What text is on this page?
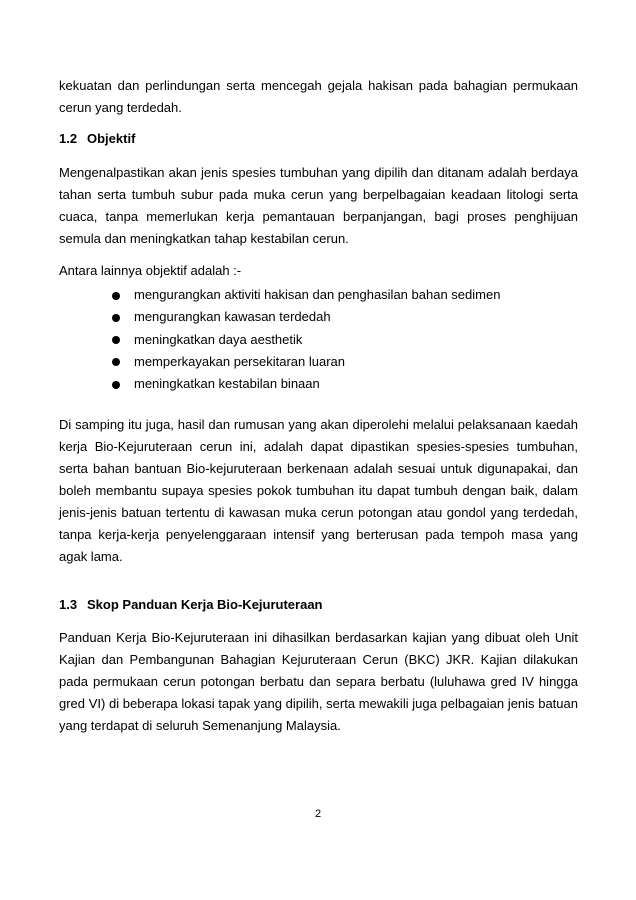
kekuatan dan perlindungan serta mencegah gejala hakisan pada bahagian permukaan cerun yang terdedah.

1.2 Objektif

Mengenalpastikan akan jenis spesies tumbuhan yang dipilih dan ditanam adalah berdaya tahan serta tumbuh subur pada muka cerun yang berpelbagaian keadaan litologi serta cuaca, tanpa memerlukan kerja pemantauan berpanjangan, bagi proses penghijuan semula dan meningkatkan tahap kestabilan cerun.

Antara lainnya objektif adalah :-

mengurangkan aktiviti hakisan dan penghasilan bahan sedimen
mengurangkan kawasan terdedah
meningkatkan daya aesthetik
memperkayakan persekitaran luaran
meningkatkan kestabilan binaan

Di samping itu juga, hasil dan rumusan yang akan diperolehi melalui pelaksanaan kaedah kerja Bio-Kejuruteraan cerun ini, adalah dapat dipastikan spesies-spesies tumbuhan, serta bahan bantuan Bio-kejuruteraan berkenaan adalah sesuai untuk digunapakai, dan boleh membantu supaya spesies pokok tumbuhan itu dapat tumbuh dengan baik, dalam jenis-jenis batuan tertentu di kawasan muka cerun potongan atau gondol yang terdedah, tanpa kerja-kerja penyelenggaraan intensif yang berterusan pada tempoh masa yang agak lama.

1.3 Skop Panduan Kerja Bio-Kejuruteraan

Panduan Kerja Bio-Kejuruteraan ini dihasilkan berdasarkan kajian yang dibuat oleh Unit Kajian dan Pembangunan Bahagian Kejuruteraan Cerun (BKC) JKR. Kajian dilakukan pada permukaan cerun potongan berbatu dan separa berbatu (luluhawa gred IV hingga gred VI) di beberapa lokasi tapak yang dipilih, serta mewakili juga pelbagaian jenis batuan yang terdapat di seluruh Semenanjung Malaysia.

2
